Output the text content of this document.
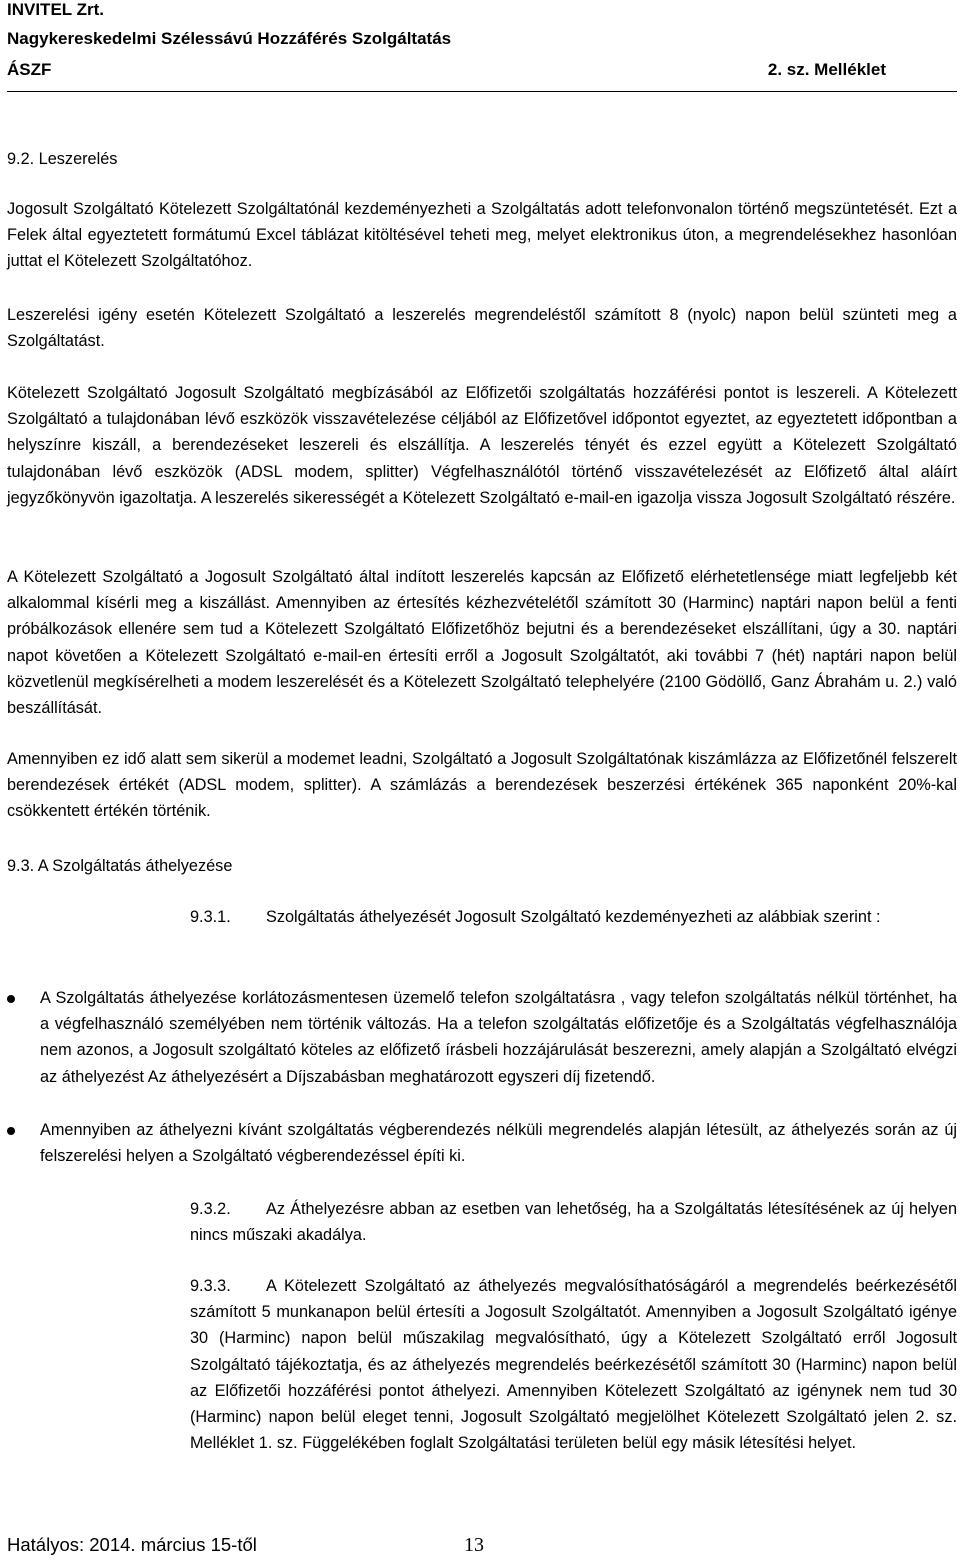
INVITEL Zrt.
Nagykereskedelmi Szélessávú Hozzáférés Szolgáltatás
ÁSZF	2. sz. Melléklet
9.2. Leszerelés

Jogosult Szolgáltató Kötelezett Szolgáltatónál kezdeményezheti a Szolgáltatás adott telefonvonalon történő megszüntetését. Ezt a Felek által egyeztetett formátumú Excel táblázat kitöltésével teheti meg, melyet elektronikus úton, a megrendelésekhez hasonlóan juttat el Kötelezett Szolgáltatóhoz.

Leszerelési igény esetén Kötelezett Szolgáltató a leszerelés megrendeléstől számított 8 (nyolc) napon belül szünteti meg a Szolgáltatást.

Kötelezett Szolgáltató Jogosult Szolgáltató megbízásából az Előfizetői szolgáltatás hozzáférési pontot is leszereli. A Kötelezett Szolgáltató a tulajdonában lévő eszközök visszavételezése céljából az Előfizetővel időpontot egyeztet, az egyeztetett időpontban a helyszínre kiszáll, a berendezéseket leszereli és elszállítja. A leszerelés tényét és ezzel együtt a Kötelezett Szolgáltató tulajdonában lévő eszközök (ADSL modem, splitter) Végfelhasználótól történő visszavételezését az Előfizető által aláírt jegyzőkönyvön igazoltatja. A leszerelés sikerességét a Kötelezett Szolgáltató e-mail-en igazolja vissza Jogosult Szolgáltató részére.

A Kötelezett Szolgáltató a Jogosult Szolgáltató által indított leszerelés kapcsán az Előfizető elérhetetlensége miatt legfeljebb két alkalommal kísérli meg a kiszállást. Amennyiben az értesítés kézhezvételétől számított 30 (Harminc) naptári napon belül a fenti próbálkozások ellenére sem tud a Kötelezett Szolgáltató Előfizetőhöz bejutni és a berendezéseket elszállítani, úgy a 30. naptári napot követően a Kötelezett Szolgáltató e-mail-en értesíti erről a Jogosult Szolgáltatót, aki további 7 (hét) naptári napon belül közvetlenül megkísérelheti a modem leszerelését és a Kötelezett Szolgáltató telephelyére (2100 Gödöllő, Ganz Ábrahám u. 2.) való beszállítását.

Amennyiben ez idő alatt sem sikerül a modemet leadni, Szolgáltató a Jogosult Szolgáltatónak kiszámlázza az Előfizetőnél felszerelt berendezések értékét (ADSL modem, splitter). A számlázás a berendezések beszerzési értékének 365 naponként 20%-kal csökkentett értékén történik.

9.3. A Szolgáltatás áthelyezése
9.3.1.	Szolgáltatás áthelyezését Jogosult Szolgáltató kezdeményezheti az alábbiak szerint :

A Szolgáltatás áthelyezése korlátozásmentesen üzemelő telefon szolgáltatásra , vagy telefon szolgáltatás nélkül történhet, ha a végfelhasználó személyében nem történik változás. Ha a telefon szolgáltatás előfizetője és a Szolgáltatás végfelhasználója nem azonos, a Jogosult szolgáltató köteles az előfizető írásbeli hozzájárulását beszerezni, amely alapján a Szolgáltató elvégzi az áthelyezést Az áthelyezésért a Díjszabásban meghatározott egyszeri díj fizetendő.

Amennyiben az áthelyezni kívánt szolgáltatás végberendezés nélküli megrendelés alapján létesült, az áthelyezés során az új felszerelési helyen a Szolgáltató végberendezéssel építi ki.

9.3.2.	Az Áthelyezésre abban az esetben van lehetőség, ha a Szolgáltatás létesítésének az új helyen nincs műszaki akadálya.

9.3.3.	A Kötelezett Szolgáltató az áthelyezés megvalósíthatóságáról a megrendelés beérkezésétől számított 5 munkanapon belül értesíti a Jogosult Szolgáltatót. Amennyiben a Jogosult Szolgáltató igénye 30 (Harminc) napon belül műszakilag megvalósítható, úgy a Kötelezett Szolgáltató erről Jogosult Szolgáltató tájékoztatja, és az áthelyezés megrendelés beérkezésétől számított 30 (Harminc) napon belül az Előfizetői hozzáférési pontot áthelyezi. Amennyiben Kötelezett Szolgáltató az igénynek nem tud 30 (Harminc) napon belül eleget tenni, Jogosult Szolgáltató megjelölhet Kötelezett Szolgáltató jelen 2. sz. Melléklet 1. sz. Függelékében foglalt Szolgáltatási területen belül egy másik létesítési helyet.

Hatályos: 2014. március 15-től	13
